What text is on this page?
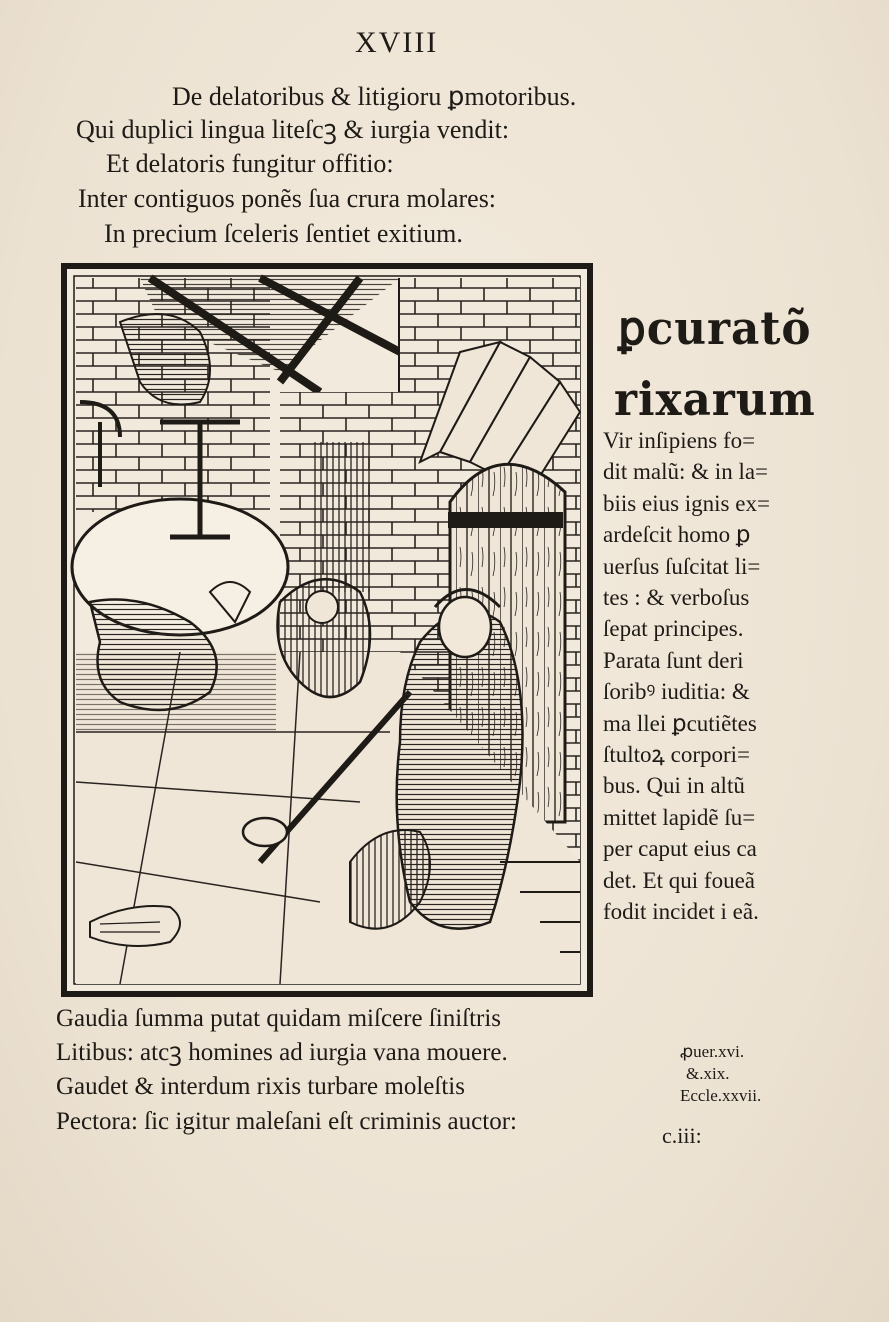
XVIII
De delatoribus & litigioru ꝑmotoribus.
Qui duplici lingua liteſcꝫ & iurgia vendit:
Et delatoris fungitur offitio:
Inter contiguos ponẽs ſua crura molares:
In precium ſceleris ſentiet exitium.
ꝑcuratõ
rixarum
Vir inſipiens fo=
dit malũ: & in la=
biis eius ignis ex=
ardeſcit homo ꝑ
uerſus ſuſcitat li=
tes : & verboſus
ſepat principes.
Parata ſunt deri
ſoribꝰ iuditia: &
ma llei ꝑcutiẽtes
ſtultoꝝ corpori=
bus. Qui in altũ
mittet lapidẽ ſu=
per caput eius ca
det. Et qui foueã
fodit incidet i eã.
Gaudia ſumma putat quidam miſcere ſiniſtris
Litibus: atcꝫ homines ad iurgia vana mouere.
Gaudet & interdum rixis turbare moleſtis
Pectora: ſic igitur maleſani eſt criminis auctor:
ꝓuer.xvi.
&.xix.
Eccle.xxvii.
c.iii:
